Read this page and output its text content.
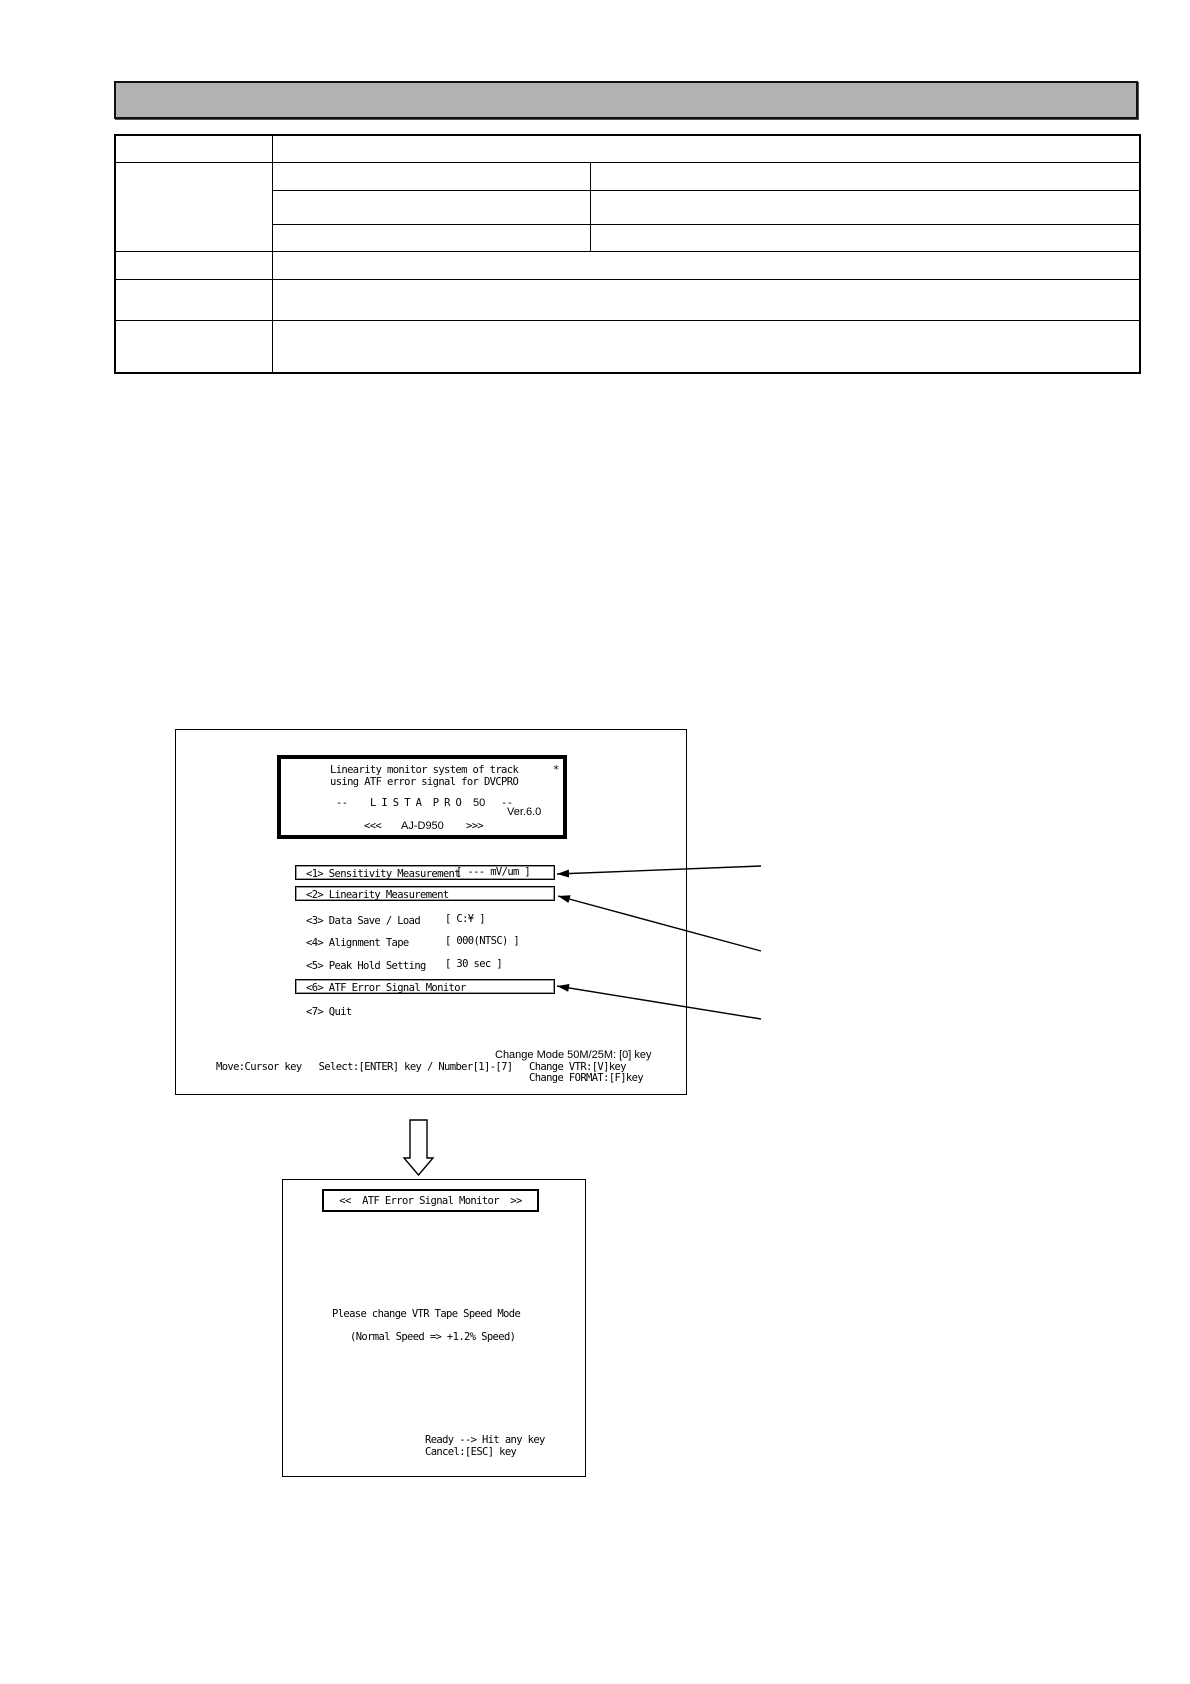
Linearity monitor system of track
using ATF error signal for DVCPRO
*
-- L I S T A  P R O 50 --
Ver.6.0
<<< AJ-D950 >>>
<1> Sensitivity Measurement
[ --- mV/um ]
<2> Linearity Measurement
<3> Data Save / Load [ C:¥ ]
<4> Alignment Tape	[ 000(NTSC) ]
<5> Peak Hold Setting [ 30 sec ]
<6> ATF Error Signal Monitor
<7> Quit
Change Mode 50M/25M: [0] key
Move:Cursor key   Select:[ENTER] key / Number[1]-[7] Change VTR:[V]key
Change FORMAT:[F]key
<<  ATF Error Signal Monitor  >>
Please change VTR Tape Speed Mode
(Normal Speed => +1.2% Speed)
Ready --> Hit any key
Cancel:[ESC] key
